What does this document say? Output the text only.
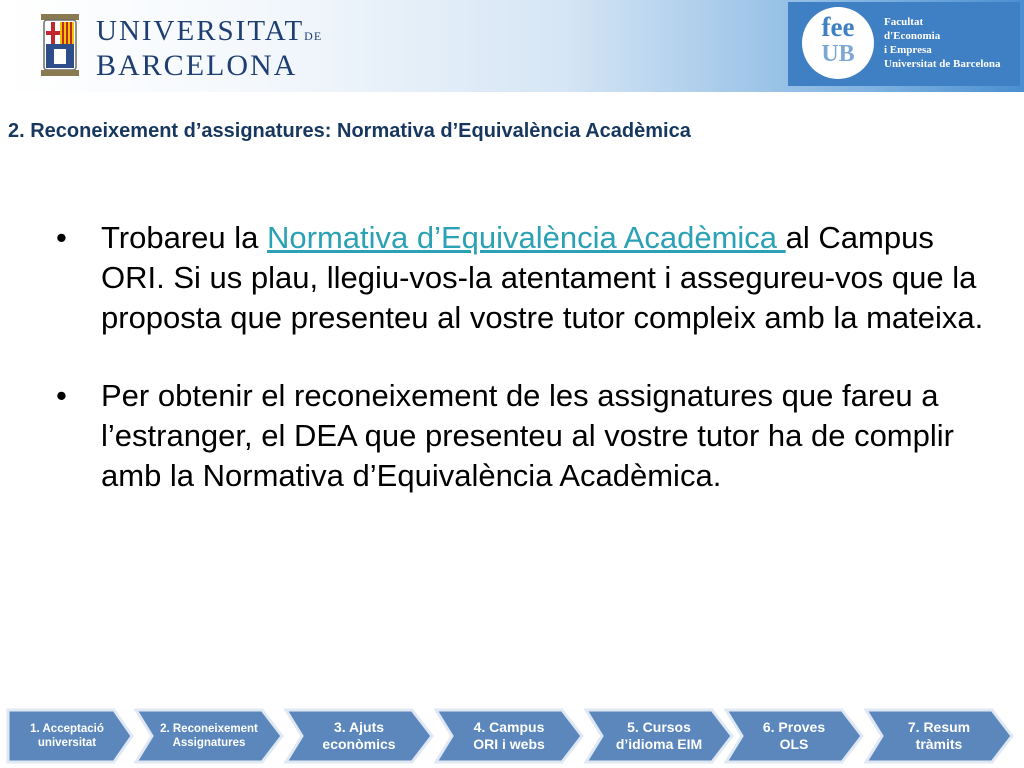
UNIVERSITATDE
BARCELONA
fee
UB
Facultat
d'Economia
i Empresa
Universitat de Barcelona
2. Reconeixement d’assignatures: Normativa d’Equivalència Acadèmica
• Trobareu la Normativa d’Equivalència Acadèmica al Campus ORI. Si us plau, llegiu-vos-la atentament i assegureu-vos que la proposta que presenteu al vostre tutor compleix amb la mateixa.
• Per obtenir el reconeixement de les assignatures que fareu a l’estranger, el DEA que presenteu al vostre tutor ha de complir amb la Normativa d’Equivalència Acadèmica.
1. Acceptació
universitat
2. Reconeixement
Assignatures
3. Ajuts
econòmics
4. Campus
ORI i webs
5. Cursos
d’idioma EIM
6. Proves
OLS
7. Resum
tràmits
